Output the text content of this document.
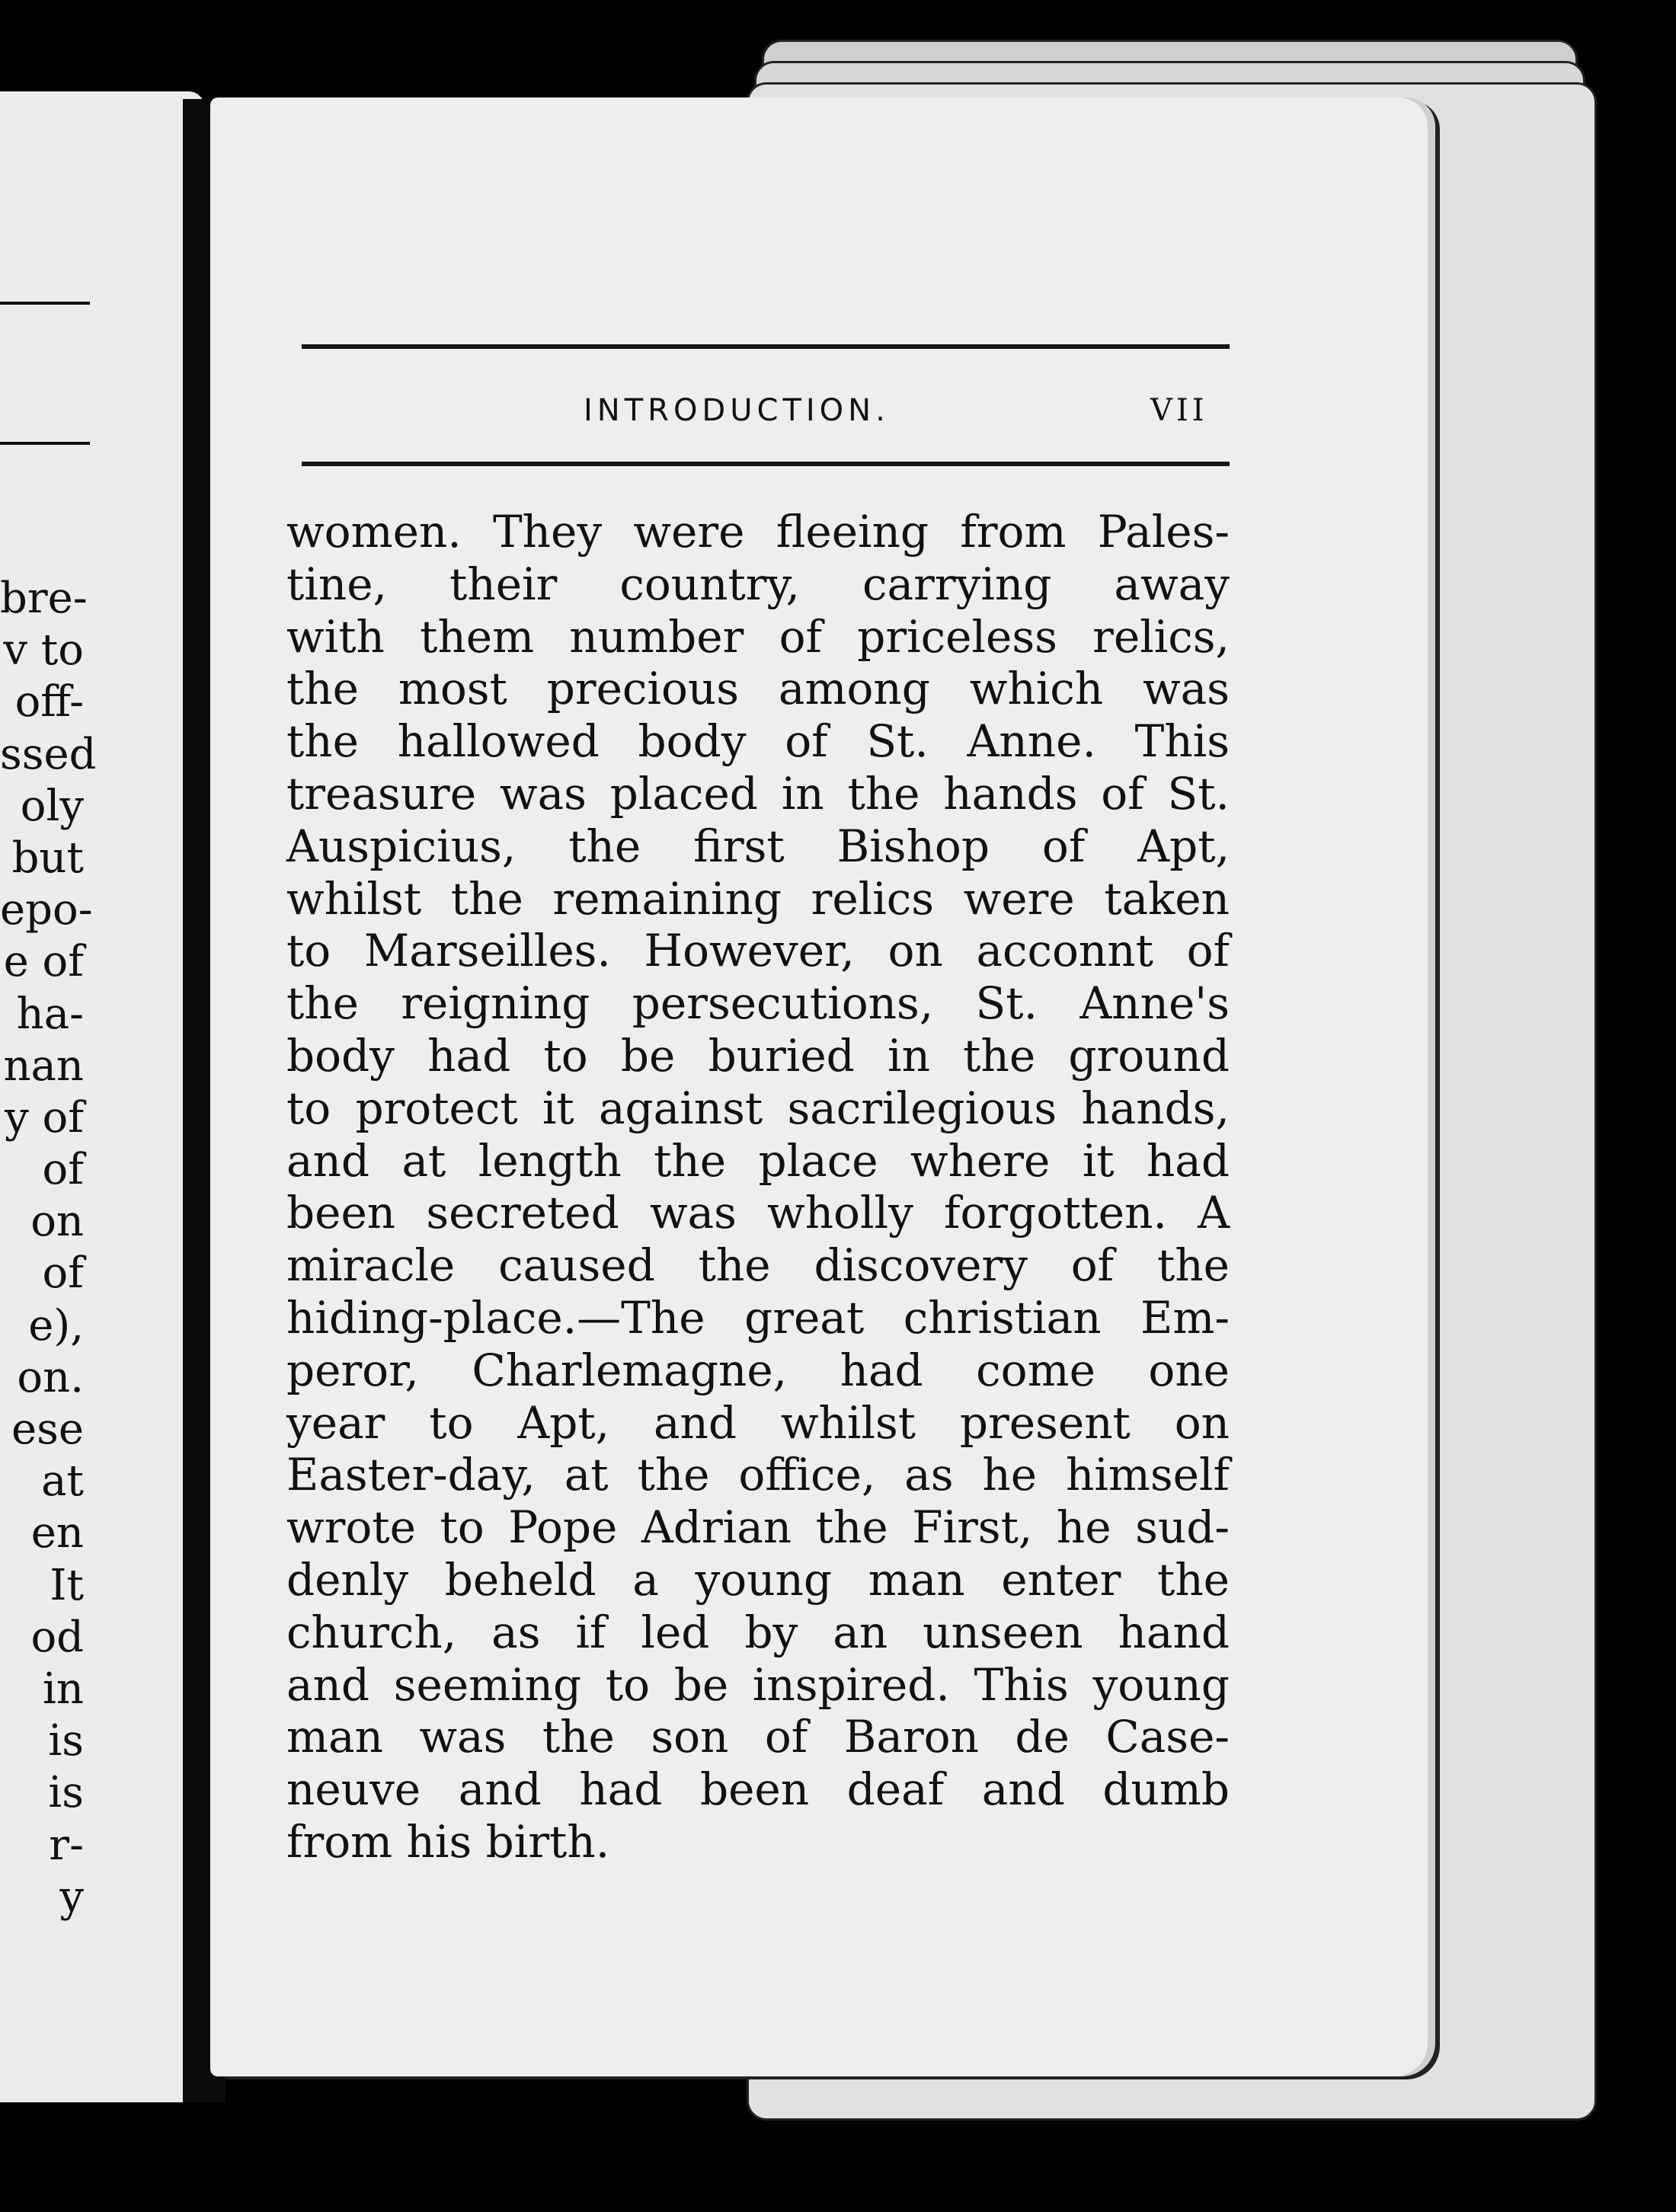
bre-
v to
off-
ssed
oly
but
epo-
e of
ha-
nan
y of
of
on
of
e),
on.
ese
at
en
It
od
in
is
is
r-
y
INTRODUCTION.	VII
women. They were fleeing from Pales-
tine, their country, carrying away
with them number of priceless relics,
the most precious among which was
the hallowed body of St. Anne. This
treasure was placed in the hands of St.
Auspicius, the first Bishop of Apt,
whilst the remaining relics were taken
to Marseilles. However, on acconnt of
the reigning persecutions, St. Anne's
body had to be buried in the ground
to protect it against sacrilegious hands,
and at length the place where it had
been secreted was wholly forgotten. A
miracle caused the discovery of the
hiding-place.—The great christian Em-
peror, Charlemagne, had come one
year to Apt, and whilst present on
Easter-day, at the office, as he himself
wrote to Pope Adrian the First, he sud-
denly beheld a young man enter the
church, as if led by an unseen hand
and seeming to be inspired. This young
man was the son of Baron de Case-
neuve and had been deaf and dumb
from his birth.
